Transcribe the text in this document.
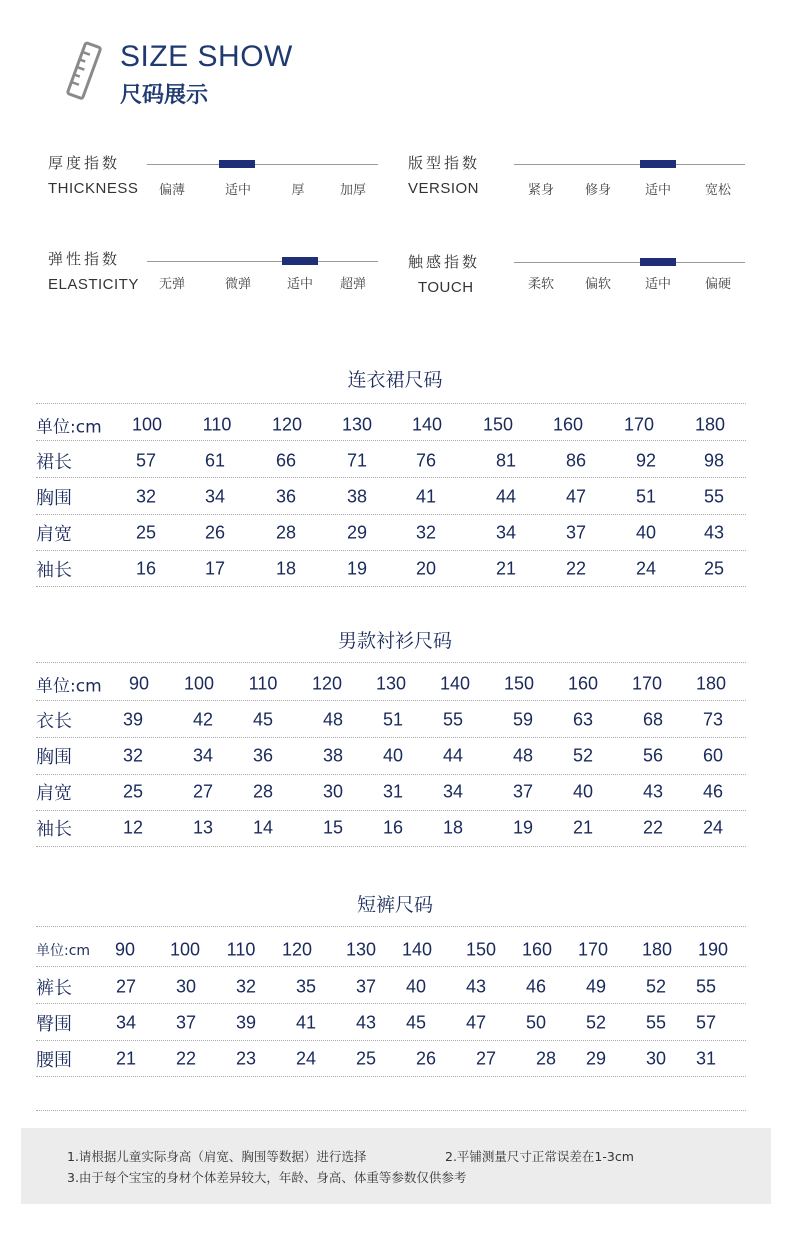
SIZE SHOW
尺码展示
厚度指数
THICKNESS 偏薄	适中	厚	加厚
版型指数
VERSION	紧身 修身	适中	宽松
弹性指数
ELASTICITY 无弹	微弹	适中 超弹
触感指数
TOUCH	柔软 偏软	适中	偏硬
连衣裙尺码
单位:cm 100 110 120 130 140 150 160 170 180
裙长	57	61	66	71	76	81	86	92	98
胸围	32	34	36	38	41	44	47	51	55
肩宽	25	26	28	29	32	34	37	40	43
袖长	16	17	18	19	20	21	22	24	25
男款衬衫尺码
单位:cm 90 100 110 120 130 140 150 160 170 180
衣长	39	42 45	48 51 55	59 63	68 73
胸围	32	34 36	38 40 44	48 52	56 60
肩宽	25	27 28	30 31 34	37 40	43 46
袖长	12	13 14	15 16 18	19 21	22 24
短裤尺码
单位:cm 90 100 110 120 130 140 150 160 170 180 190
裤长 27 30 32 35 37 40 43 46 49 52 55
臀围 34 37 39 41 43 45 47 50 52 55 57
腰围 21 22 23 24 25 26 27 28 29 30 31
1.请根据儿童实际身高（肩宽、胸围等数据）进行选择	2.平铺测量尺寸正常误差在1-3cm
3.由于每个宝宝的身材个体差异较大，年龄、身高、体重等参数仅供参考
